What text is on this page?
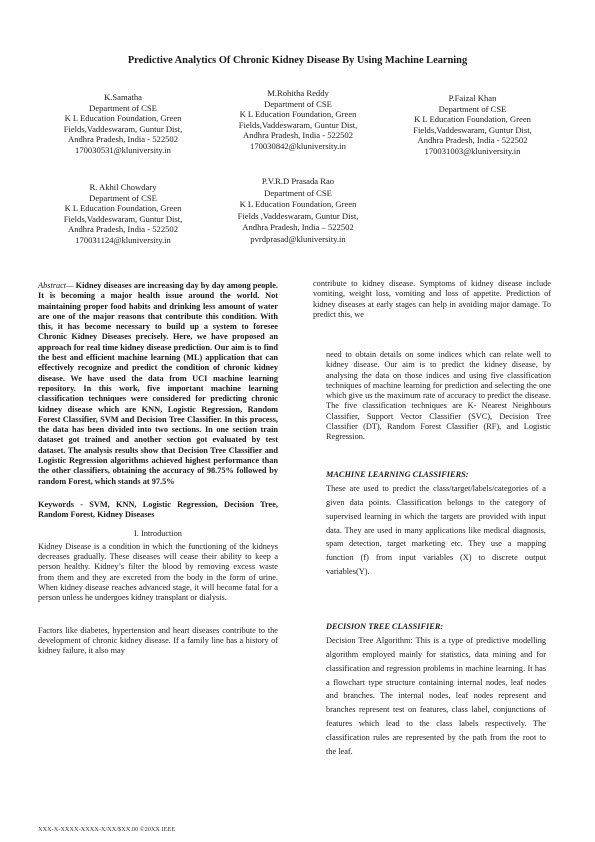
Predictive Analytics Of Chronic Kidney Disease By Using Machine Learning
K.Samatha
Department of CSE
K L Education Foundation, Green
Fields,Vaddeswaram, Guntur Dist,
Andhra Pradesh, India - 522502
170030531@kluniversity.in
M.Rohitha Reddy
Department of CSE
K L Education Foundation, Green
Fields,Vaddeswaram, Guntur Dist,
Andhra Pradesh, India - 522502
170030842@kluniversity.in
P.Faizal Khan
Department of CSE
K L Education Foundation, Green
Fields,Vaddeswaram, Guntur Dist,
Andhra Pradesh, India - 522502
170031003@kluniversity.in
R. Akhil Chowdary
Department of CSE
K L Education Foundation, Green
Fields,Vaddeswaram, Guntur Dist,
Andhra Pradesh, India - 522502
170031124@kluniversity.in
P.V.R.D Prasada Rao
Department of CSE
K L Education Foundation, Green
Fields ,Vaddeswaram, Guntur Dist,
Andhra Pradesh, India – 522502
pvrdprasad@kluniversity.in

Abstract— Kidney diseases are increasing day by day among people. It is becoming a major health issue around the world. Not maintaining proper food habits and drinking less amount of water are one of the major reasons that contribute this condition. With this, it has become necessary to build up a system to foresee Chronic Kidney Diseases precisely. Here, we have proposed an approach for real time kidney disease prediction. Our aim is to find the best and efficient machine learning (ML) application that can effectively recognize and predict the condition of chronic kidney disease. We have used the data from UCI machine learning repository. In this work, five important machine learning classification techniques were considered for predicting chronic kidney disease which are KNN, Logistic Regression, Random Forest Classifier, SVM and Decision Tree Classifier. In this process, the data has been divided into two sections. In one section train dataset got trained and another section got evaluated by test dataset. The analysis results show that Decision Tree Classifier and Logistic Regression algorithms achieved highest performance than the other classifiers, obtaining the accuracy of 98.75% followed by random Forest, which stands at 97.5%

Keywords - SVM, KNN, Logistic Regression, Decision Tree, Random Forest, Kidney Diseases

I. Introduction

Kidney Disease is a condition in which the functioning of the kidneys decreases gradually. These diseases will cease their ability to keep a person healthy. Kidney’s filter the blood by removing excess waste from them and they are excreted from the body in the form of urine. When kidney disease reaches advanced stage, it will become fatal for a person unless he undergoes kidney transplant or dialysis.

Factors like diabetes, hypertension and heart diseases contribute to the development of chronic kidney disease. If a family line has a history of kidney failure, it also may

contribute to kidney disease. Symptoms of kidney disease include vomiting, weight loss, vomiting and loss of appetite. Prediction of kidney diseases at early stages can help in avoiding major damage. To predict this, we

need to obtain details on some indices which can relate well to kidney disease. Our aim is to predict the kidney disease, by analysing the data on those indices and using five classification techniques of machine learning for prediction and selecting the one which give us the maximum rate of accuracy to predict the disease. The five classification techniques are K- Nearest Neighbours Classifier, Support Vector Classifier (SVC), Decision Tree Classifier (DT), Random Forest Classifier (RF), and Logistic Regression.

MACHINE LEARNING CLASSIFIERS:

These are used to predict the class/target/labels/categories of a given data points. Classification belongs to the category of supervised learning in which the targets are provided with input data. They are used in many applications like medical diagnosis, spam detection, target marketing etc. They use a mapping function (f) from input variables (X) to discrete output variables(Y).

DECISION TREE CLASSIFIER:

Decision Tree Algorithm: This is a type of predictive modelling algorithm employed mainly for statistics, data mining and for classification and regression problems in machine learning. It has a flowchart type structure containing internal nodes, leaf nodes and branches. The internal nodes, leaf nodes represent and branches represent test on features, class label, conjunctions of features which lead to the class labels respectively. The classification rules are represented by the path from the root to the leaf.

XXX-X-XXXX-XXXX-X/XX/$XX.00 ©20XX IEEE
